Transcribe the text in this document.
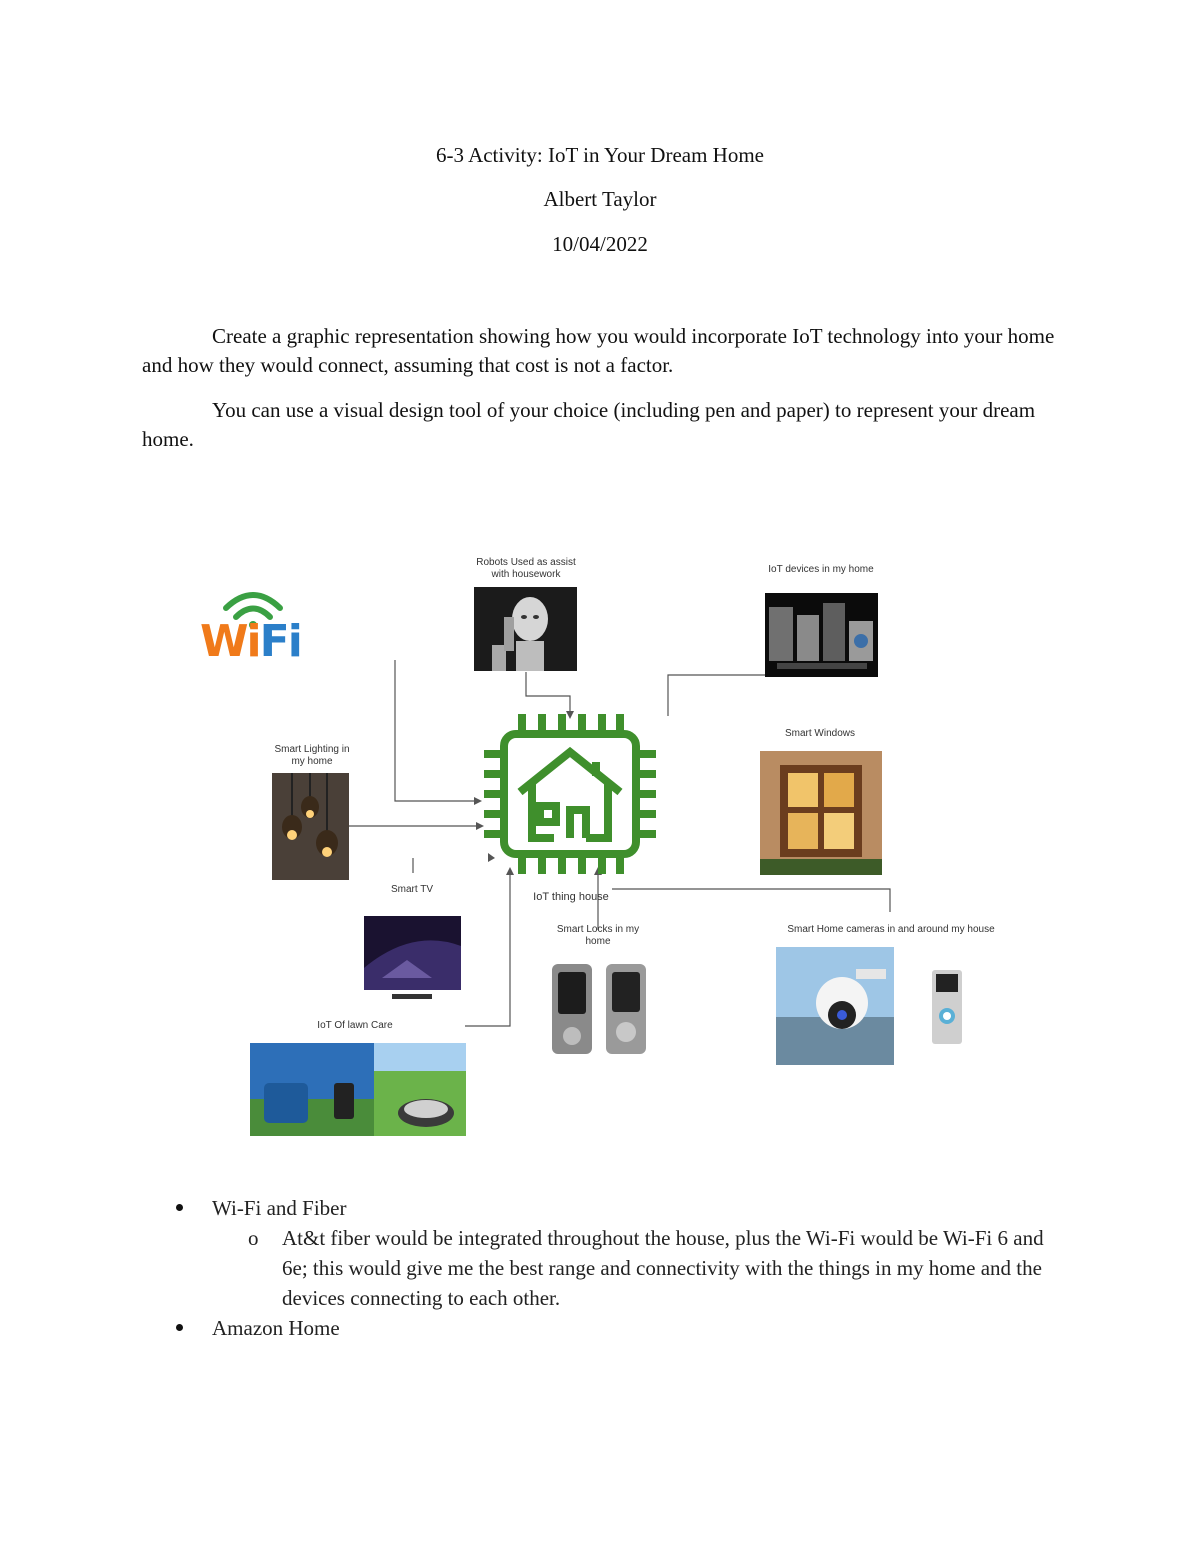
6-3 Activity: IoT in Your Dream Home
Albert Taylor
10/04/2022
Create a graphic representation showing how you would incorporate IoT technology into your home and how they would connect, assuming that cost is not a factor.
You can use a visual design tool of your choice (including pen and paper) to represent your dream home.
WiFi
Robots Used as assist with housework	IoT devices in my home
Smart Lighting in my home
IoT thing house
Smart Windows
Smart TV
Smart Locks in my home
Smart Home cameras in and around my house
IoT Of lawn Care
Wi-Fi and Fiber
o At&t fiber would be integrated throughout the house, plus the Wi-Fi would be Wi-Fi 6 and 6e; this would give me the best range and connectivity with the things in my home and the devices connecting to each other.
Amazon Home
